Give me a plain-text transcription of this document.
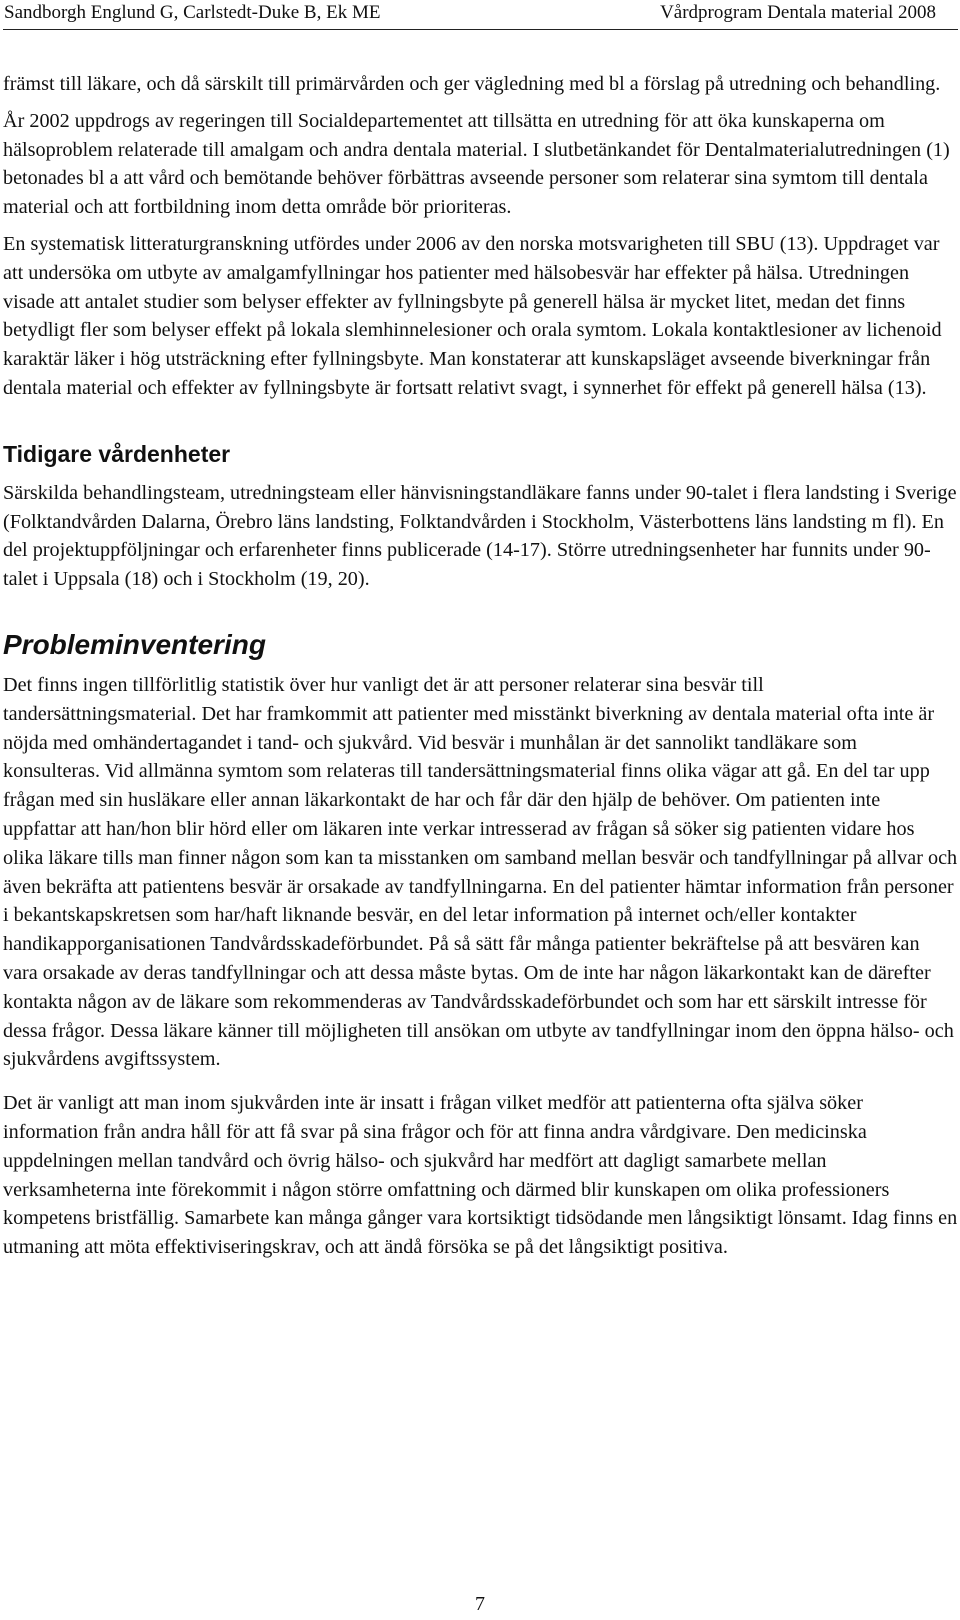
Sandborgh Englund G, Carlstedt-Duke B, Ek ME	Vårdprogram Dentala material 2008

främst till läkare, och då särskilt till primärvården och ger vägledning med bl a förslag på utredning och behandling.

År 2002 uppdrogs av regeringen till Socialdepartementet att tillsätta en utredning för att öka kunskaperna om hälsoproblem relaterade till amalgam och andra dentala material. I slutbetänkandet för Dentalmaterialutredningen (1) betonades bl a att vård och bemötande behöver förbättras avseende personer som relaterar sina symtom till dentala material och att fortbildning inom detta område bör prioriteras.

En systematisk litteraturgranskning utfördes under 2006 av den norska motsvarigheten till SBU (13). Uppdraget var att undersöka om utbyte av amalgamfyllningar hos patienter med hälsobesvär har effekter på hälsa. Utredningen visade att antalet studier som belyser effekter av fyllningsbyte på generell hälsa är mycket litet, medan det finns betydligt fler som belyser effekt på lokala slemhinnelesioner och orala symtom. Lokala kontaktlesioner av lichenoid karaktär läker i hög utsträckning efter fyllningsbyte. Man konstaterar att kunskapsläget avseende biverkningar från dentala material och effekter av fyllningsbyte är fortsatt relativt svagt, i synnerhet för effekt på generell hälsa (13).

Tidigare vårdenheter

Särskilda behandlingsteam, utredningsteam eller hänvisningstandläkare fanns under 90-talet i flera landsting i Sverige (Folktandvården Dalarna, Örebro läns landsting, Folktandvården i Stockholm, Västerbottens läns landsting m fl). En del projektuppföljningar och erfarenheter finns publicerade (14-17). Större utredningsenheter har funnits under 90-talet i Uppsala (18) och i Stockholm (19, 20).

Probleminventering

Det finns ingen tillförlitlig statistik över hur vanligt det är att personer relaterar sina besvär till tandersättningsmaterial. Det har framkommit att patienter med misstänkt biverkning av dentala material ofta inte är nöjda med omhändertagandet i tand- och sjukvård. Vid besvär i munhålan är det sannolikt tandläkare som konsulteras. Vid allmänna symtom som relateras till tandersättningsmaterial finns olika vägar att gå. En del tar upp frågan med sin husläkare eller annan läkarkontakt de har och får där den hjälp de behöver. Om patienten inte uppfattar att han/hon blir hörd eller om läkaren inte verkar intresserad av frågan så söker sig patienten vidare hos olika läkare tills man finner någon som kan ta misstanken om samband mellan besvär och tandfyllningar på allvar och även bekräfta att patientens besvär är orsakade av tandfyllningarna. En del patienter hämtar information från personer i bekantskapskretsen som har/haft liknande besvär, en del letar information på internet och/eller kontakter handikapporganisationen Tandvårdsskadeförbundet. På så sätt får många patienter bekräftelse på att besvären kan vara orsakade av deras tandfyllningar och att dessa måste bytas. Om de inte har någon läkarkontakt kan de därefter kontakta någon av de läkare som rekommenderas av Tandvårdsskadeförbundet och som har ett särskilt intresse för dessa frågor. Dessa läkare känner till möjligheten till ansökan om utbyte av tandfyllningar inom den öppna hälso- och sjukvårdens avgiftssystem.

Det är vanligt att man inom sjukvården inte är insatt i frågan vilket medför att patienterna ofta själva söker information från andra håll för att få svar på sina frågor och för att finna andra vårdgivare. Den medicinska uppdelningen mellan tandvård och övrig hälso- och sjukvård har medfört att dagligt samarbete mellan verksamheterna inte förekommit i någon större omfattning och därmed blir kunskapen om olika professioners kompetens bristfällig. Samarbete kan många gånger vara kortsiktigt tidsödande men långsiktigt lönsamt. Idag finns en utmaning att möta effektiviseringskrav, och att ändå försöka se på det långsiktigt positiva.

7
